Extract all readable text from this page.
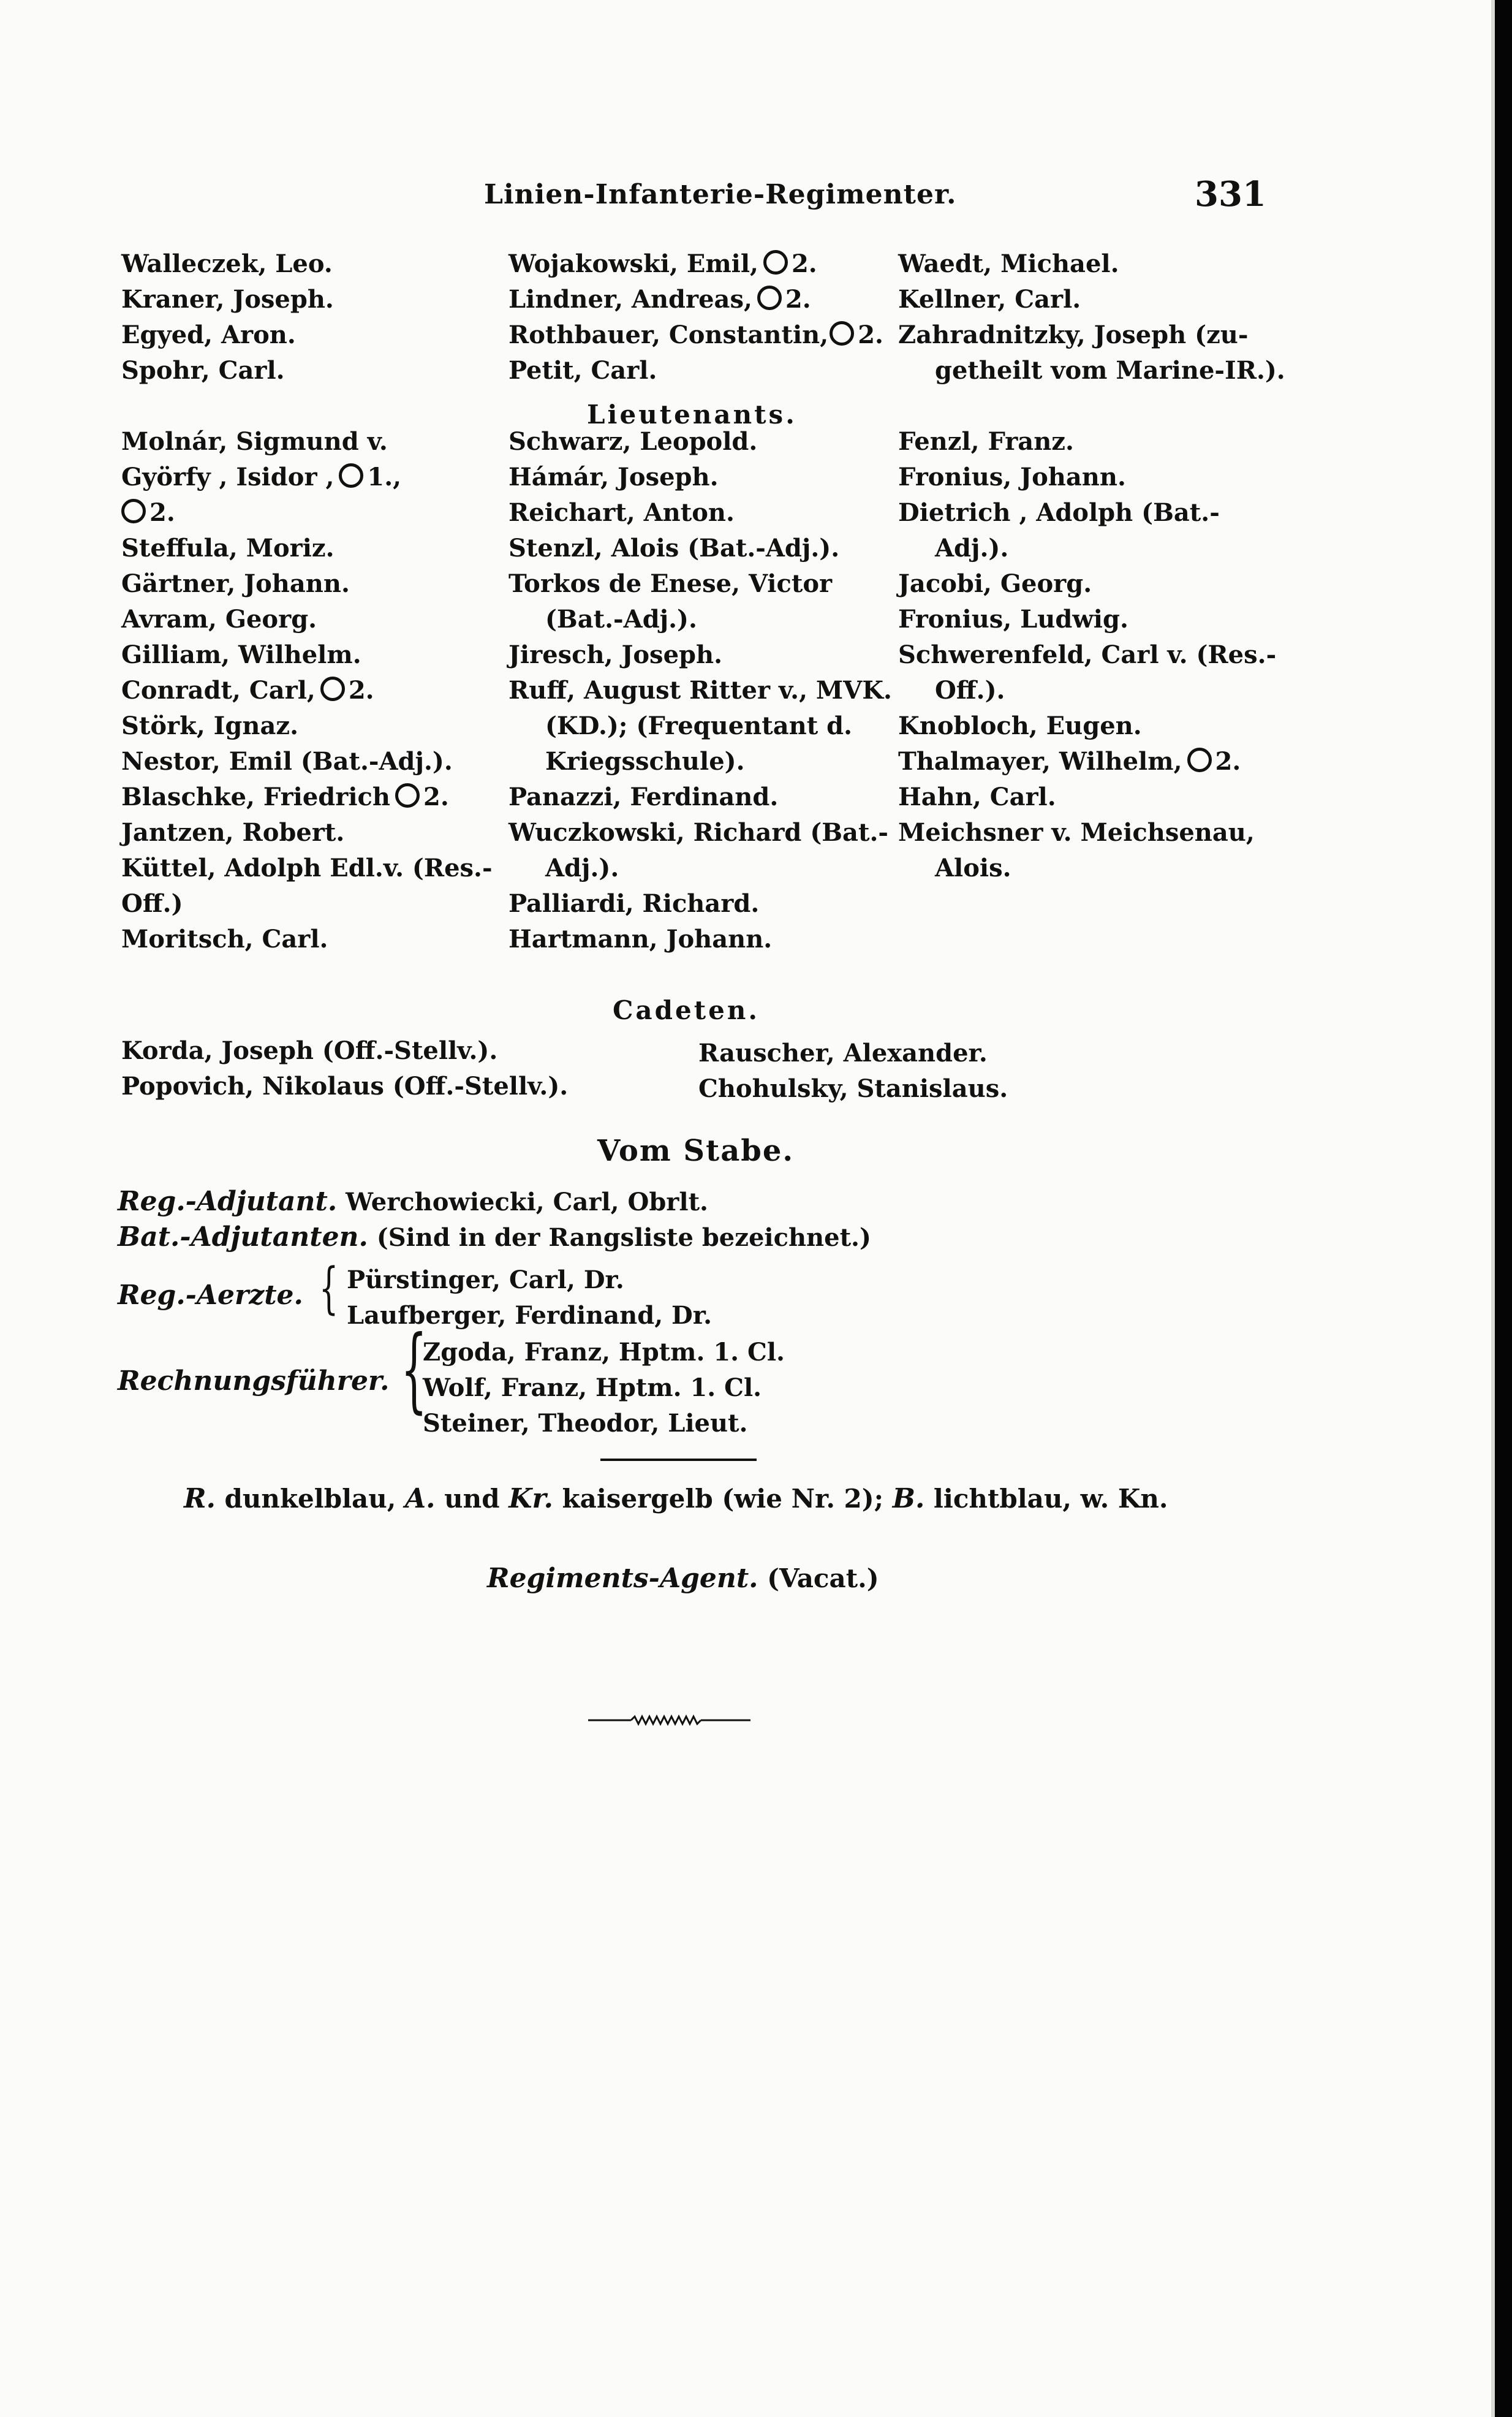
Linien-Infanterie-Regimenter.	331
Walleczek, Leo.
Kraner, Joseph.
Egyed, Aron.
Spohr, Carl.
Molnár, Sigmund v.
Györfy , Isidor , 1.,
2.
Steffula, Moriz.
Gärtner, Johann.
Avram, Georg.
Gilliam, Wilhelm.
Conradt, Carl, 2.
Störk, Ignaz.
Nestor, Emil (Bat.-Adj.).
Blaschke, Friedrich 2.
Jantzen, Robert.
Küttel, Adolph Edl.v. (Res.-
Off.)
Moritsch, Carl.
Wojakowski, Emil, 2.
Lindner, Andreas, 2.
Rothbauer, Constantin, 2.
Petit, Carl.
Schwarz, Leopold.
Hámár, Joseph.
Reichart, Anton.
Stenzl, Alois (Bat.-Adj.).
Torkos de Enese, Victor
(Bat.-Adj.).
Jiresch, Joseph.
Ruff, August Ritter v., MVK.
(KD.); (Frequentant d.
Kriegsschule).
Panazzi, Ferdinand.
Wuczkowski, Richard (Bat.-
Adj.).
Palliardi, Richard.
Hartmann, Johann.
Waedt, Michael.
Kellner, Carl.
Zahradnitzky, Joseph (zu-
getheilt vom Marine-IR.).
Fenzl, Franz.
Fronius, Johann.
Dietrich , Adolph (Bat.-
Adj.).
Jacobi, Georg.
Fronius, Ludwig.
Schwerenfeld, Carl v. (Res.-
Off.).
Knobloch, Eugen.
Thalmayer, Wilhelm, 2.
Hahn, Carl.
Meichsner v. Meichsenau,
Alois.
Lieutenants.
Cadeten.
Korda, Joseph (Off.-Stellv.).
Popovich, Nikolaus (Off.-Stellv.).
Rauscher, Alexander.
Chohulsky, Stanislaus.
Vom Stabe.
Reg.-Adjutant. Werchowiecki, Carl, Obrlt.
Bat.-Adjutanten. (Sind in der Rangsliste bezeichnet.)
Reg.-Aerzte. { Pürstinger, Carl, Dr.
Laufberger, Ferdinand, Dr.
Rechnungsführer. {
Zgoda, Franz, Hptm. 1. Cl.
Wolf, Franz, Hptm. 1. Cl.
Steiner, Theodor, Lieut.
R. dunkelblau, A. und Kr. kaisergelb (wie Nr. 2); B. lichtblau, w. Kn.
Regiments-Agent. (Vacat.)
